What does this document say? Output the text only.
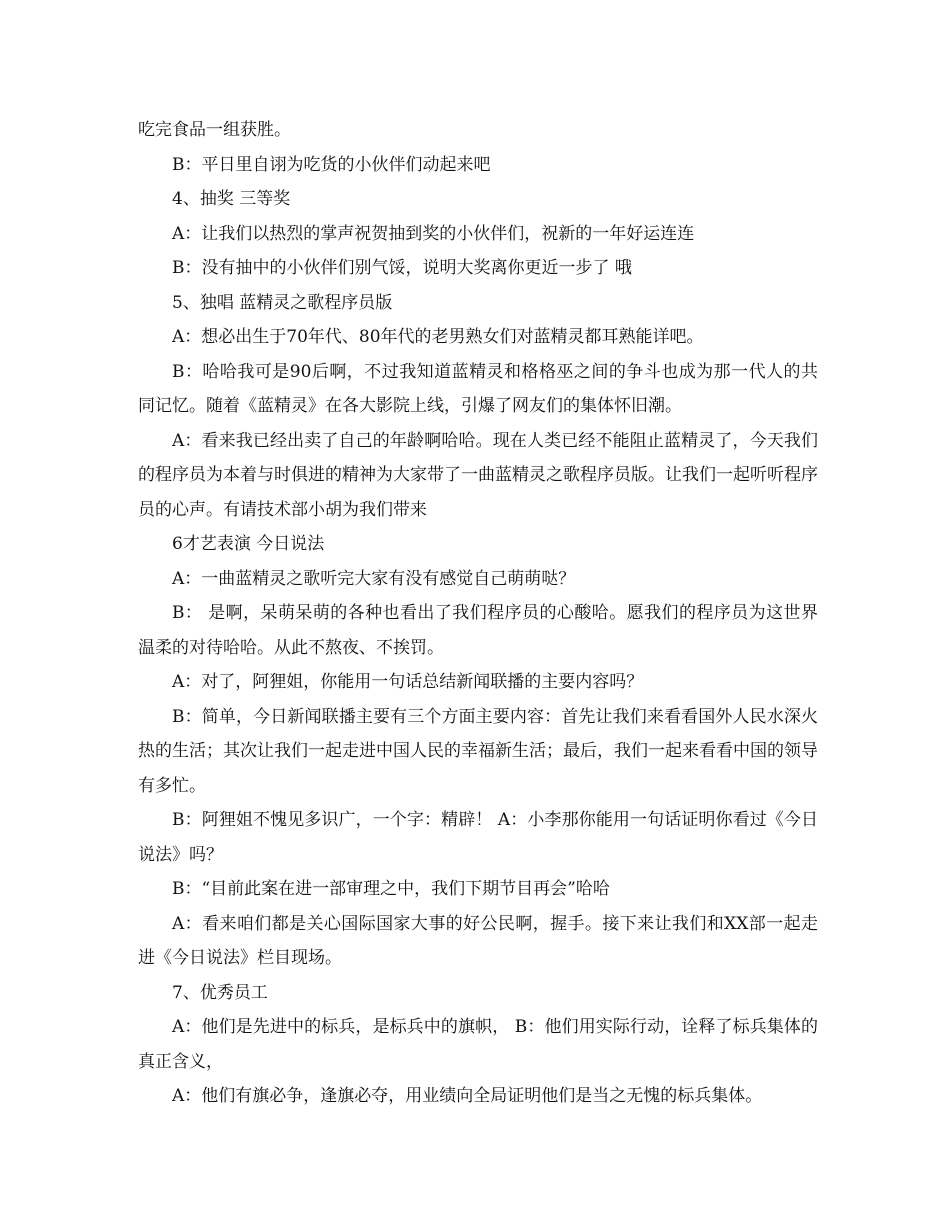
吃完食品一组获胜。

B：平日里自诩为吃货的小伙伴们动起来吧

4、抽奖 三等奖

A：让我们以热烈的掌声祝贺抽到奖的小伙伴们，祝新的一年好运连连

B：没有抽中的小伙伴们别气馁，说明大奖离你更近一步了 哦

5、独唱 蓝精灵之歌程序员版

A：想必出生于70年代、80年代的老男熟女们对蓝精灵都耳熟能详吧。

B：哈哈我可是90后啊，不过我知道蓝精灵和格格巫之间的争斗也成为那一代人的共同记忆。随着《蓝精灵》在各大影院上线，引爆了网友们的集体怀旧潮。

A：看来我已经出卖了自己的年龄啊哈哈。现在人类已经不能阻止蓝精灵了，今天我们的程序员为本着与时俱进的精神为大家带了一曲蓝精灵之歌程序员版。让我们一起听听程序员的心声。有请技术部小胡为我们带来

6才艺表演 今日说法

A：一曲蓝精灵之歌听完大家有没有感觉自己萌萌哒？

B： 是啊，呆萌呆萌的各种也看出了我们程序员的心酸哈。愿我们的程序员为这世界温柔的对待哈哈。从此不熬夜、不挨罚。

A：对了，阿狸姐，你能用一句话总结新闻联播的主要内容吗？

B：简单，今日新闻联播主要有三个方面主要内容：首先让我们来看看国外人民水深火热的生活；其次让我们一起走进中国人民的幸福新生活；最后，我们一起来看看中国的领导有多忙。

B：阿狸姐不愧见多识广，一个字：精辟！ A：小李那你能用一句话证明你看过《今日说法》吗？

B：“目前此案在进一部审理之中，我们下期节目再会”哈哈

A：看来咱们都是关心国际国家大事的好公民啊，握手。接下来让我们和XX部一起走进《今日说法》栏目现场。

7、优秀员工

A：他们是先进中的标兵，是标兵中的旗帜， B：他们用实际行动，诠释了标兵集体的真正含义，

A：他们有旗必争，逢旗必夺，用业绩向全局证明他们是当之无愧的标兵集体。
